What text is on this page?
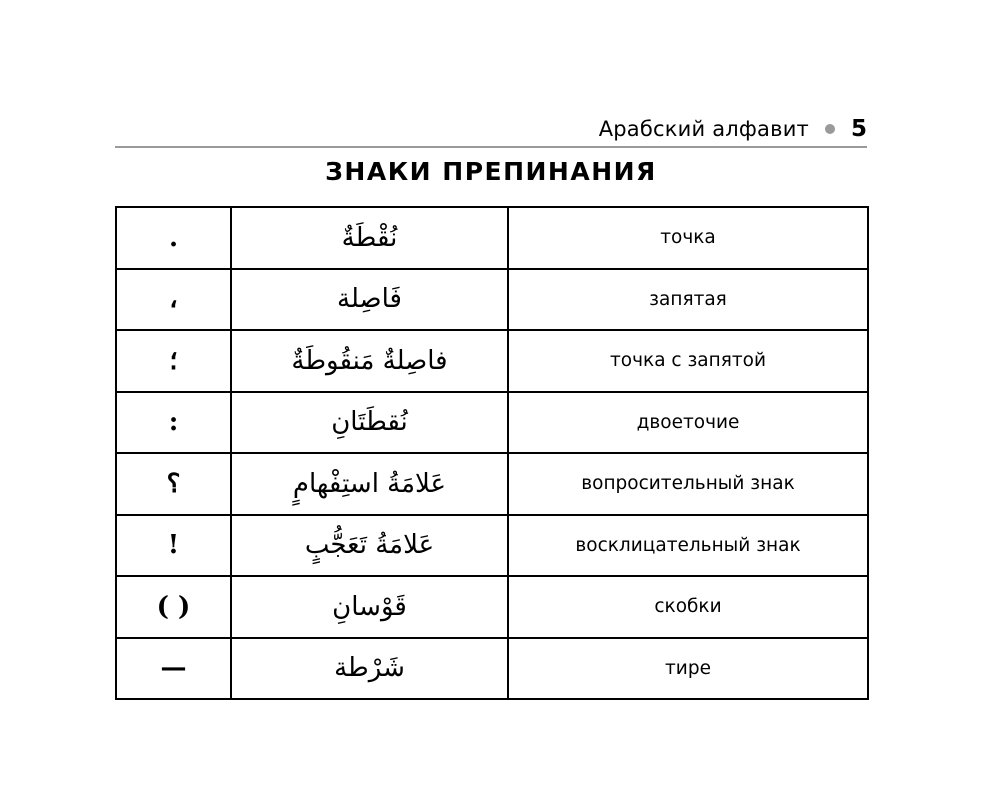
Арабский алфавит 5
ЗНАКИ ПРЕПИНАНИЯ
.	نُقْطَةٌ	точка
،	فَاصِلة	запятая
؛	فاصِلةٌ مَنقُوطَةٌ	точка с запятой
:	نُقطَتَانِ	двоеточие
؟	عَلامَةُ استِفْهامٍ	вопросительный знак
!	عَلامَةُ تَعَجُّبٍ	восклицательный знак
( )	قَوْسانِ	скобки
—	شَرْطة	тире
